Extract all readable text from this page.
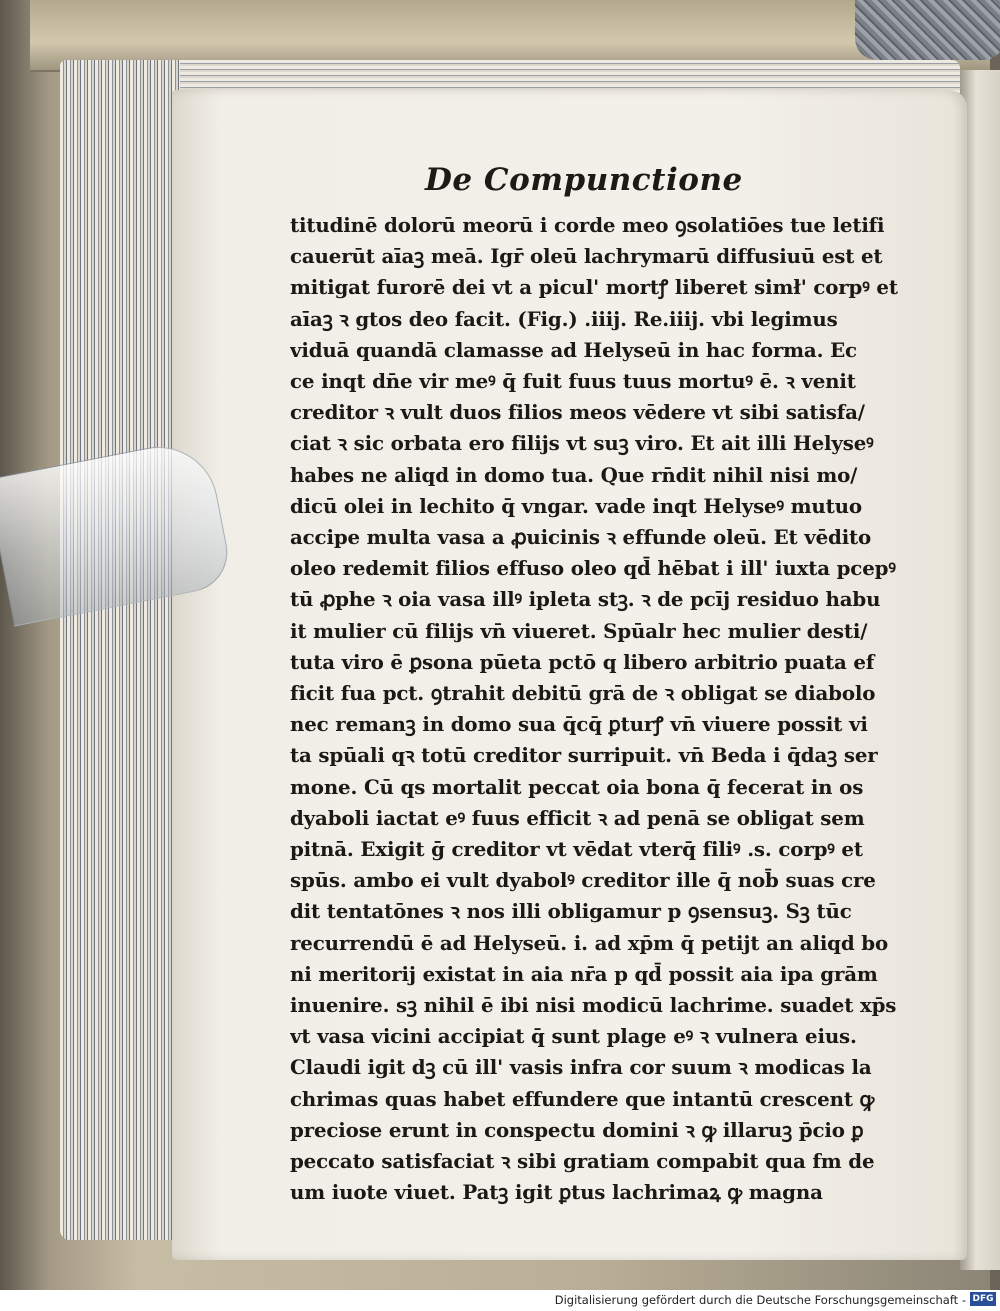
De Compunctione
titudinē dolorū meorū i corde meo ꝯsolatiōes tue letifi
cauerūt aīaꝫ meā. Igr̄ oleū lachrymarū diffusiuū est et
mitigat furorē dei vt a picul' mortꝭ liberet simł' corpꝰ et
aīaꝫ ꝛ gtos deo facit. (Fig.) .iiij. Re.iiij. vbi legimus
viduā quandā clamasse ad Helyseū in hac forma. Ec
ce inqt dn̄e vir meꝰ q̄ fuit fuus tuus mortuꝰ ē. ꝛ venit
creditor ꝛ vult duos filios meos vēdere vt sibi satisfa/
ciat ꝛ sic orbata ero filijs vt suꝫ viro. Et ait illi Helyseꝰ
habes ne aliqd in domo tua. Que rn̄dit nihil nisi mo/
dicū olei in lechito q̄ vngar. vade inqt Helyseꝰ mutuo
accipe multa vasa a ꝓuicinis ꝛ effunde oleū. Et vēdito
oleo redemit filios effuso oleo qd̄ hēbat i ill' iuxta pcepꝰ
tū ꝓphe ꝛ oia vasa illꝰ ipleta stꝫ. ꝛ de pcīj residuo habu
it mulier cū filijs vn̄ viueret. Spūalr hec mulier desti/
tuta viro ē ꝑsona pūeta pctō q libero arbitrio puata ef
ficit fua pct. ꝯtrahit debitū grā de ꝛ obligat se diabolo
nec remanꝫ in domo sua q̄cq̄ ꝑturꝭ vn̄ viuere possit vi
ta spūali qꝛ totū creditor surripuit. vn̄ Beda i q̄daꝫ ser
mone. Cū qs mortalit peccat oia bona q̄ fecerat in os
dyaboli iactat eꝰ fuus efficit ꝛ ad penā se obligat sem
pitnā. Exigit ḡ creditor vt vēdat vterq̄ filiꝰ .s. corpꝰ et
spūs. ambo ei vult dyabolꝰ creditor ille q̄ nob̄ suas cre
dit tentatōnes ꝛ nos illi obligamur p ꝯsensuꝫ. Sꝫ tūc
recurrendū ē ad Helyseū. i. ad xp̄m q̄ petijt an aliqd bo
ni meritorij existat in aia nr̄a p qd̄ possit aia ipa grām
inuenire. sꝫ nihil ē ibi nisi modicū lachrime. suadet xp̄s
vt vasa vicini accipiat q̄ sunt plage eꝰ ꝛ vulnera eius.
Claudi igit dꝫ cū ill' vasis infra cor suum ꝛ modicas la
chrimas quas habet effundere que intantū crescent ꝙ
preciose erunt in conspectu domini ꝛ ꝙ illaruꝫ p̄cio ꝑ
peccato satisfaciat ꝛ sibi gratiam compabit qua fm de
um iuote viuet. Patꝫ igit ꝑtus lachrimaꝝ ꝙ magna
Digitalisierung gefördert durch die Deutsche Forschungsgemeinschaft - DFG
